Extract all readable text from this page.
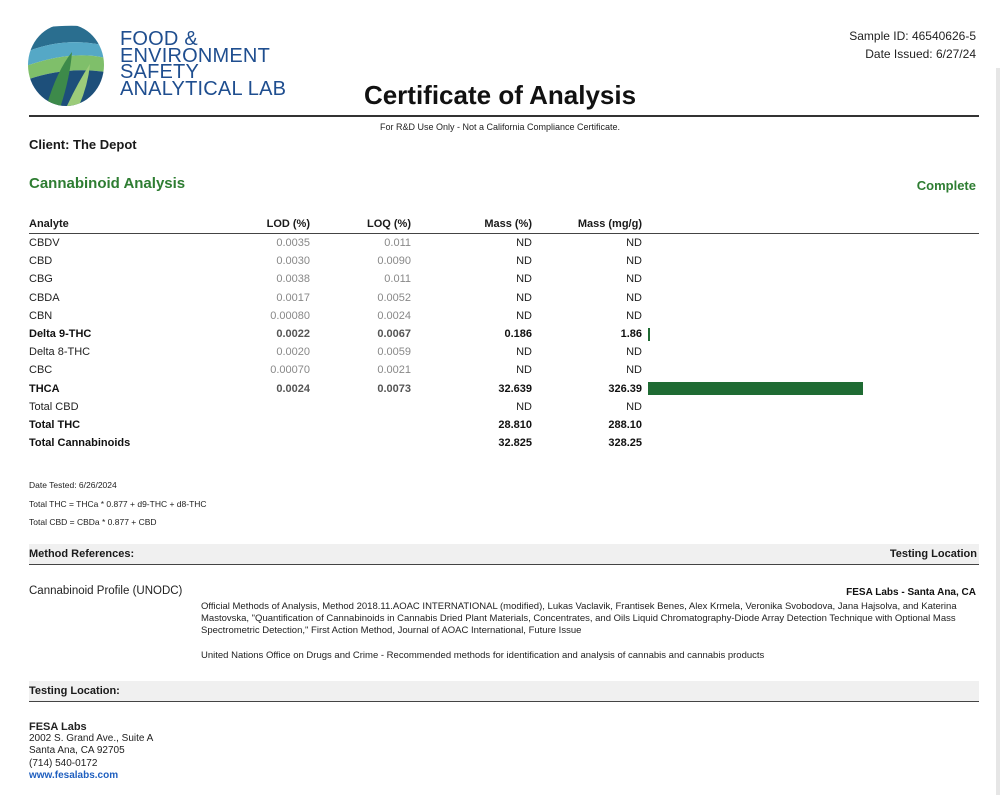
FOOD &
ENVIRONMENT
SAFETY
ANALYTICAL LAB
Sample ID: 46540626-5
Date Issued: 6/27/24
Certificate of Analysis
For R&D Use Only - Not a California Compliance Certificate.
Client: The Depot
Cannabinoid Analysis	Complete
Analyte	LOD (%)	LOQ (%)	Mass (%)	Mass (mg/g)	
CBDV	0.0035	0.011	ND	ND	
CBD	0.0030	0.0090	ND	ND	
CBG	0.0038	0.011	ND	ND	
CBDA	0.0017	0.0052	ND	ND	
CBN	0.00080	0.0024	ND	ND	
Delta 9-THC	0.0022	0.0067	0.186	1.86	
Delta 8-THC	0.0020	0.0059	ND	ND	
CBC	0.00070	0.0021	ND	ND	
THCA	0.0024	0.0073	32.639	326.39	
Total CBD			ND	ND	
Total THC			28.810	288.10	
Total Cannabinoids			32.825	328.25	
Date Tested: 6/26/2024
Total THC = THCa * 0.877 + d9-THC + d8-THC
Total CBD = CBDa * 0.877 + CBD
Method References:	Testing Location
Cannabinoid Profile (UNODC)	FESA Labs - Santa Ana, CA
Official Methods of Analysis, Method 2018.11.AOAC INTERNATIONAL (modified), Lukas Vaclavik, Frantisek Benes, Alex Krmela, Veronika Svobodova, Jana Hajsolva, and Katerina Mastovska, "Quantification of Cannabinoids in Cannabis Dried Plant Materials, Concentrates, and Oils Liquid Chromatography-Diode Array Detection Technique with Optional Mass Spectrometric Detection," First Action Method, Journal of AOAC International, Future Issue
United Nations Office on Drugs and Crime - Recommended methods for identification and analysis of cannabis and cannabis products
Testing Location:
FESA Labs
2002 S. Grand Ave., Suite A
Santa Ana, CA 92705
(714) 540-0172
www.fesalabs.com
